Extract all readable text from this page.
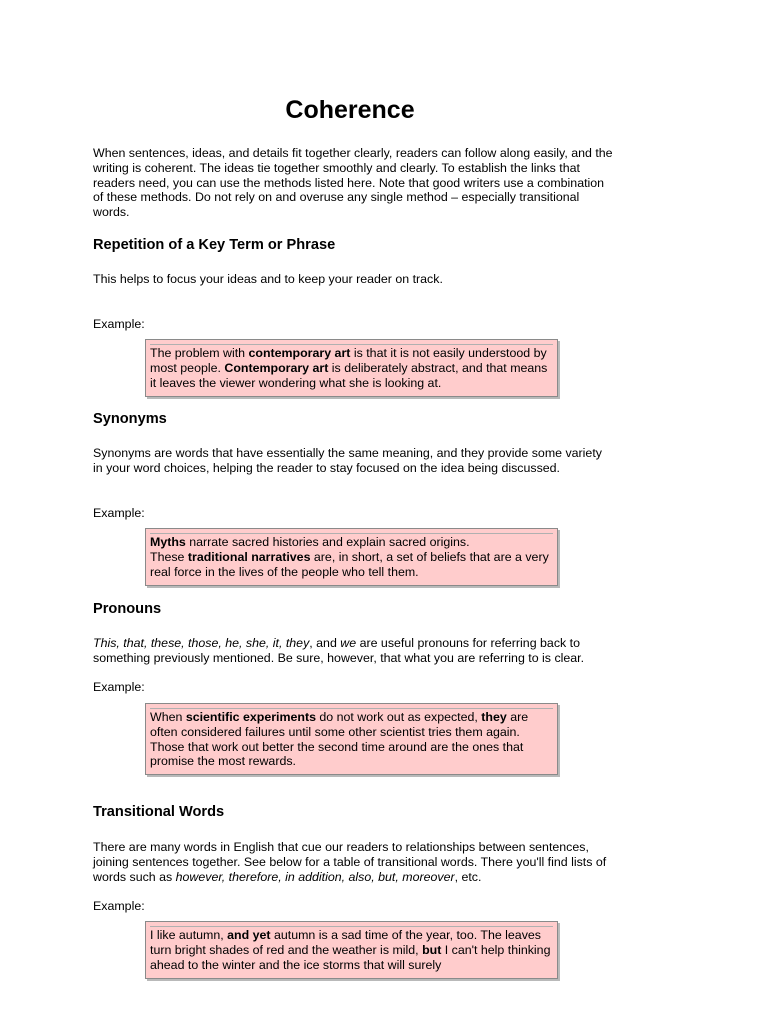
Coherence

When sentences, ideas, and details fit together clearly, readers can follow along easily, and the writing is coherent. The ideas tie together smoothly and clearly. To establish the links that readers need, you can use the methods listed here. Note that good writers use a combination of these methods. Do not rely on and overuse any single method – especially transitional words.

Repetition of a Key Term or Phrase

This helps to focus your ideas and to keep your reader on track.

Example:

The problem with contemporary art is that it is not easily understood by most people. Contemporary art is deliberately abstract, and that means it leaves the viewer wondering what she is looking at.

Synonyms

Synonyms are words that have essentially the same meaning, and they provide some variety in your word choices, helping the reader to stay focused on the idea being discussed.

Example:

Myths narrate sacred histories and explain sacred origins.
These traditional narratives are, in short, a set of beliefs that are a very real force in the lives of the people who tell them.

Pronouns

This, that, these, those, he, she, it, they, and we are useful pronouns for referring back to something previously mentioned. Be sure, however, that what you are referring to is clear.

Example:

When scientific experiments do not work out as expected, they are often considered failures until some other scientist tries them again. Those that work out better the second time around are the ones that promise the most rewards.

Transitional Words

There are many words in English that cue our readers to relationships between sentences, joining sentences together. See below for a table of transitional words. There you'll find lists of words such as however, therefore, in addition, also, but, moreover, etc.

Example:

I like autumn, and yet autumn is a sad time of the year, too. The leaves turn bright shades of red and the weather is mild, but I can't help thinking ahead to the winter and the ice storms that will surely
